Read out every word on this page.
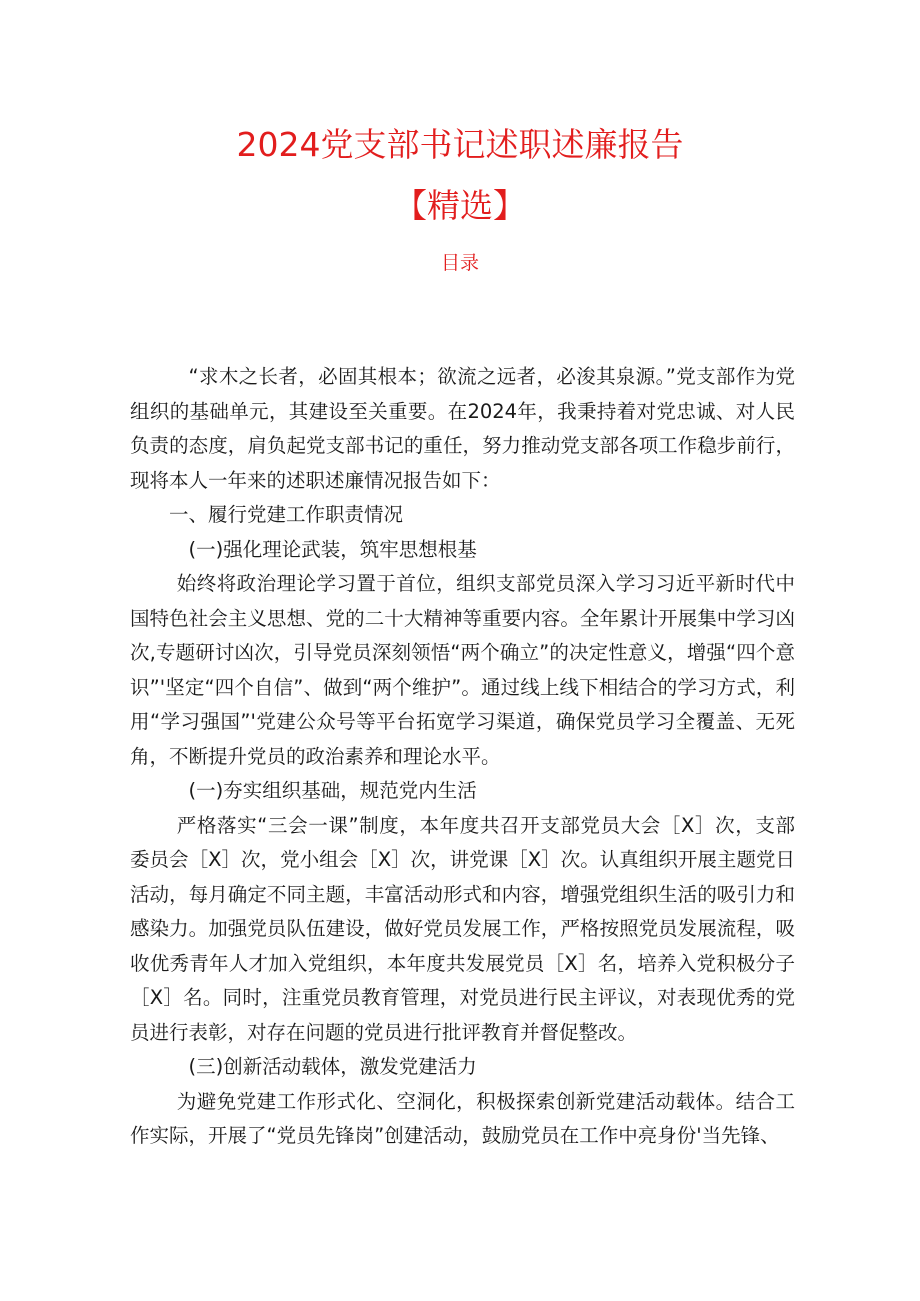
2024党支部书记述职述廉报告
【精选】
目录

“求木之长者，必固其根本；欲流之远者，必浚其泉源。”党支部作为党组织的基础单元，其建设至关重要。在2024年，我秉持着对党忠诚、对人民负责的态度，肩负起党支部书记的重任，努力推动党支部各项工作稳步前行，现将本人一年来的述职述廉情况报告如下：

一、履行党建工作职责情况

(一)强化理论武装，筑牢思想根基

始终将政治理论学习置于首位，组织支部党员深入学习习近平新时代中国特色社会主义思想、党的二十大精神等重要内容。全年累计开展集中学习凶次,专题研讨凶次，引导党员深刻领悟“两个确立”的决定性意义，增强“四个意识”'坚定“四个自信”、做到“两个维护”。通过线上线下相结合的学习方式，利用“学习强国”'党建公众号等平台拓宽学习渠道，确保党员学习全覆盖、无死角，不断提升党员的政治素养和理论水平。

(一)夯实组织基础，规范党内生活

严格落实“三会一课”制度，本年度共召开支部党员大会［X］次，支部委员会［X］次，党小组会［X］次，讲党课［X］次。认真组织开展主题党日活动，每月确定不同主题，丰富活动形式和内容，增强党组织生活的吸引力和感染力。加强党员队伍建设，做好党员发展工作，严格按照党员发展流程，吸收优秀青年人才加入党组织，本年度共发展党员［X］名，培养入党积极分子［X］名。同时，注重党员教育管理，对党员进行民主评议，对表现优秀的党员进行表彰，对存在问题的党员进行批评教育并督促整改。

(三)创新活动载体，激发党建活力

为避免党建工作形式化、空洞化，积极探索创新党建活动载体。结合工作实际，开展了“党员先锋岗”创建活动，鼓励党员在工作中亮身份'当先锋、
